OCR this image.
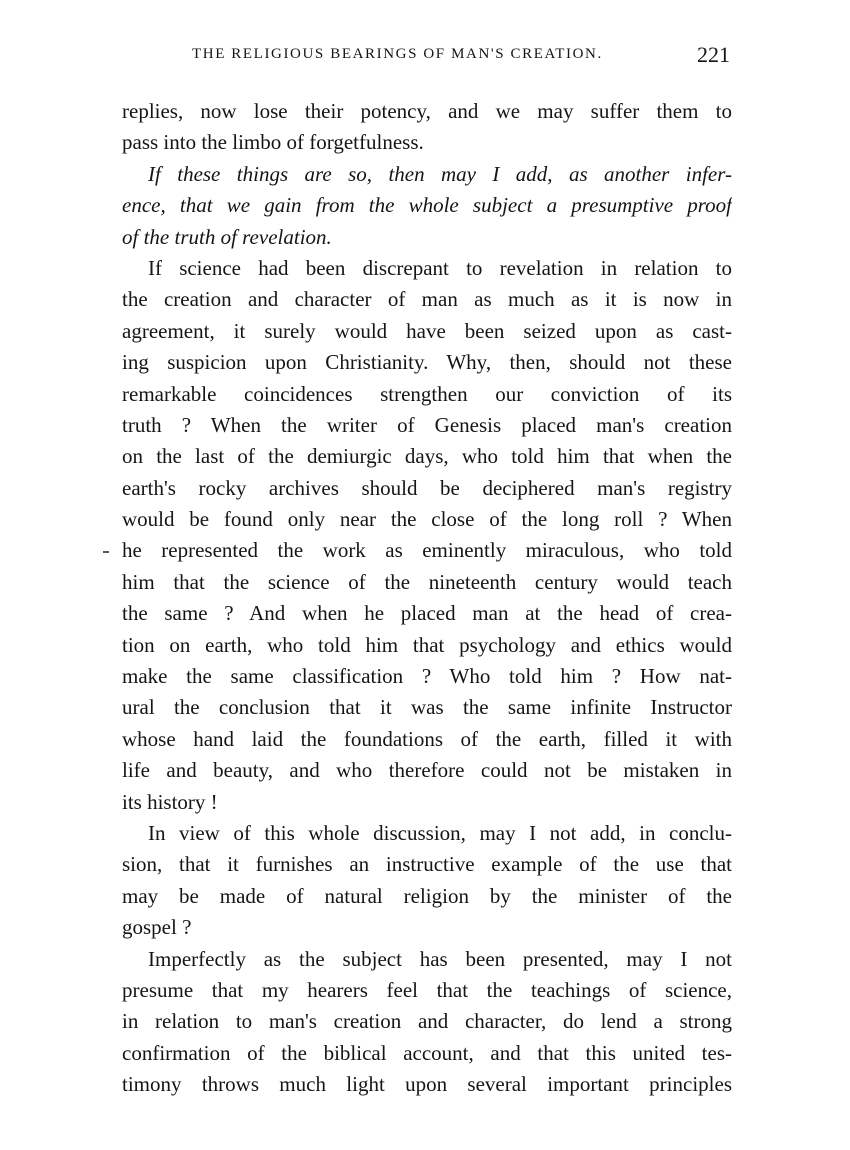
THE RELIGIOUS BEARINGS OF MAN'S CREATION.	221
replies, now lose their potency, and we may suffer them to
pass into the limbo of forgetfulness.
If these things are so, then may I add, as another infer-
ence, that we gain from the whole subject a presumptive proof
of the truth of revelation.
If science had been discrepant to revelation in relation to
the creation and character of man as much as it is now in
agreement, it surely would have been seized upon as cast-
ing suspicion upon Christianity. Why, then, should not these
remarkable coincidences strengthen our conviction of its
truth ? When the writer of Genesis placed man's creation
on the last of the demiurgic days, who told him that when the
earth's rocky archives should be deciphered man's registry
would be found only near the close of the long roll ? When
he represented the work as eminently miraculous, who told
him that the science of the nineteenth century would teach
the same ? And when he placed man at the head of crea-
tion on earth, who told him that psychology and ethics would
make the same classification ? Who told him ? How nat-
ural the conclusion that it was the same infinite Instructor
whose hand laid the foundations of the earth, filled it with
life and beauty, and who therefore could not be mistaken in
its history !
In view of this whole discussion, may I not add, in conclu-
sion, that it furnishes an instructive example of the use that
may be made of natural religion by the minister of the
gospel ?
Imperfectly as the subject has been presented, may I not
presume that my hearers feel that the teachings of science,
in relation to man's creation and character, do lend a strong
confirmation of the biblical account, and that this united tes-
timony throws much light upon several important principles
